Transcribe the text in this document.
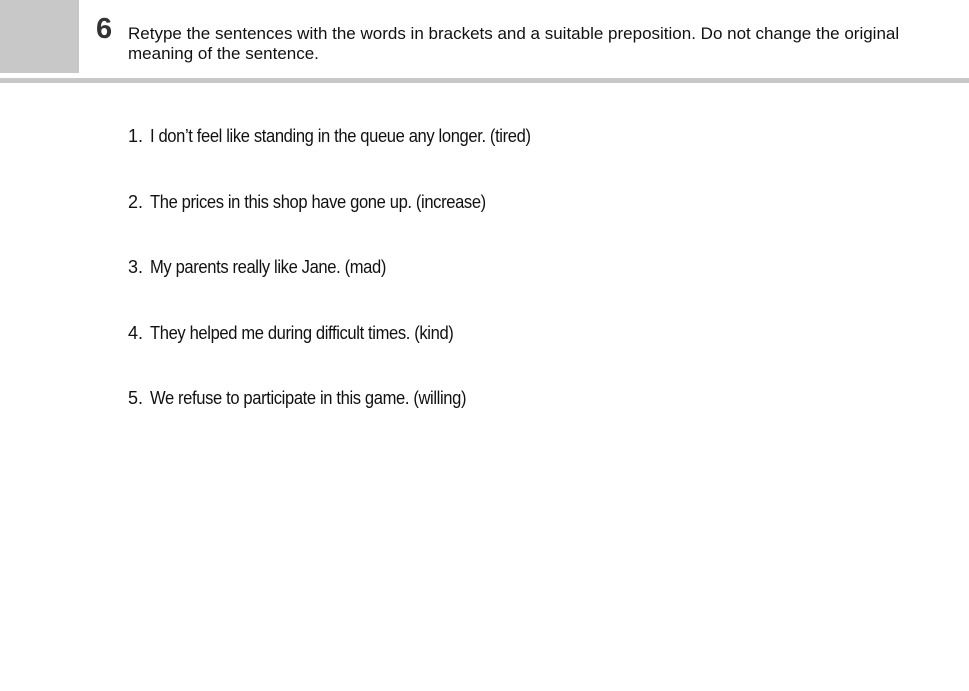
6 Retype the sentences with the words in brackets and a suitable preposition. Do not change the original meaning of the sentence.
1. I don’t feel like standing in the queue any longer. (tired)
2. The prices in this shop have gone up. (increase)
3. My parents really like Jane. (mad)
4. They helped me during difficult times. (kind)
5. We refuse to participate in this game. (willing)
